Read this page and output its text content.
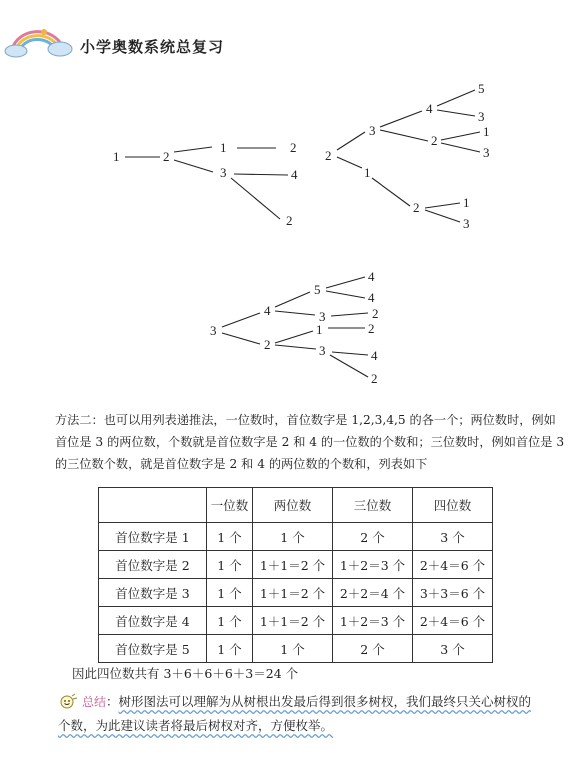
小学奥数系统总复习
1	2
1
3
2
4
2
2
3
1
4
2
5
3
1
3
2	1
3
3
4
2
5
3
4
4
2
1
3
2
4
2
方法二：也可以用列表递推法，一位数时，首位数字是 1,2,3,4,5 的各一个；两位数时，例如
首位是 3 的两位数，个数就是首位数字是 2 和 4 的一位数的个数和；三位数时，例如首位是 3
的三位数个数，就是首位数字是 2 和 4 的两位数的个数和，列表如下
	一位数	两位数	三位数	四位数
首位数字是 1	1 个	1 个	2 个	3 个
首位数字是 2	1 个	1＋1＝2 个	1＋2＝3 个	2＋4＝6 个
首位数字是 3	1 个	1＋1＝2 个	2＋2＝4 个	3＋3＝6 个
首位数字是 4	1 个	1＋1＝2 个	1＋2＝3 个	2＋4＝6 个
首位数字是 5	1 个	1 个	2 个	3 个
因此四位数共有 3＋6＋6＋6＋3＝24 个
总结：树形图法可以理解为从树根出发最后得到很多树杈，我们最终只关心树杈的
个数，为此建议读者将最后树杈对齐，方便枚举。
